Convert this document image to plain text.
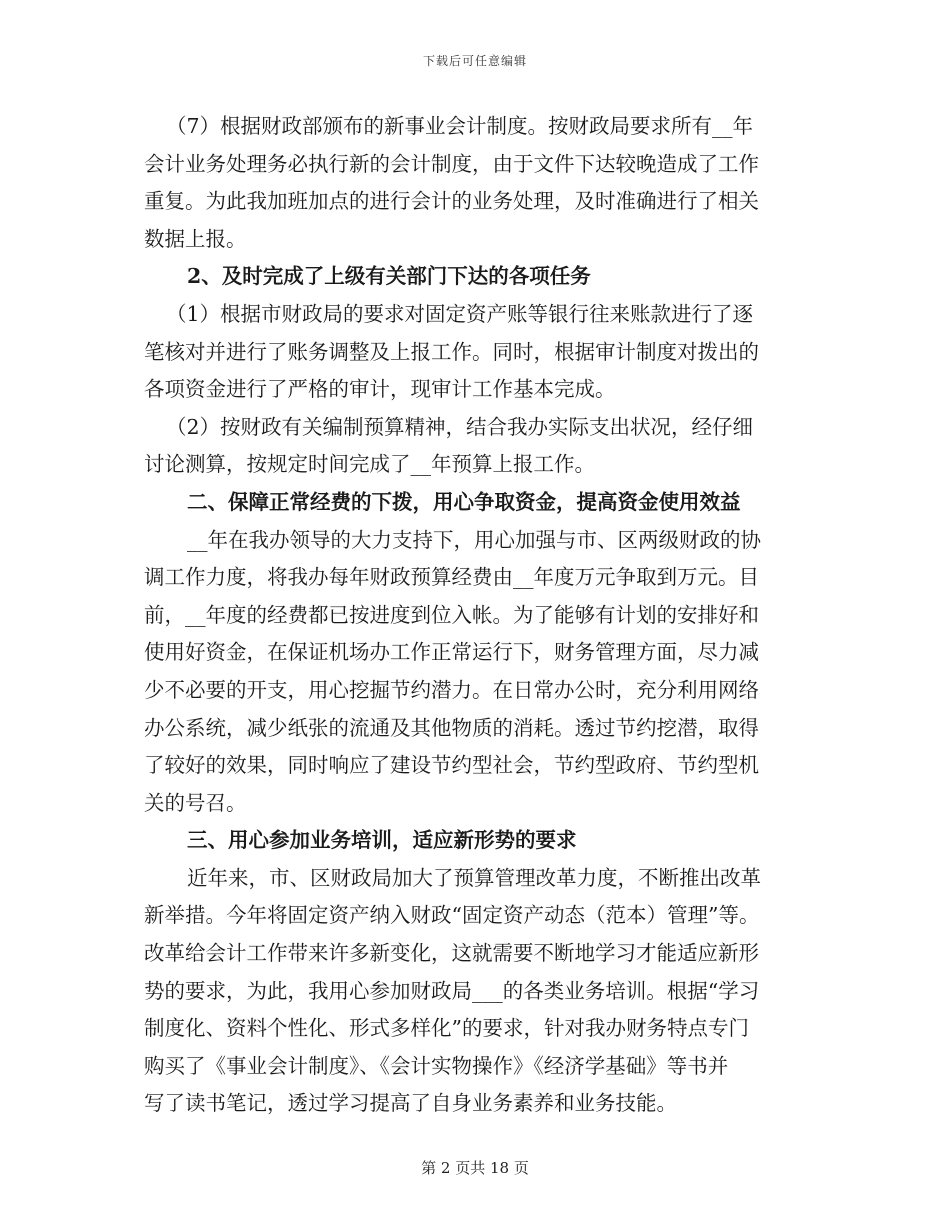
下载后可任意编辑
（7）根据财政部颁布的新事业会计制度。按财政局要求所有__年
会计业务处理务必执行新的会计制度，由于文件下达较晚造成了工作
重复。为此我加班加点的进行会计的业务处理，及时准确进行了相关
数据上报。
2、及时完成了上级有关部门下达的各项任务
（1）根据市财政局的要求对固定资产账等银行往来账款进行了逐
笔核对并进行了账务调整及上报工作。同时，根据审计制度对拨出的
各项资金进行了严格的审计，现审计工作基本完成。
（2）按财政有关编制预算精神，结合我办实际支出状况，经仔细
讨论测算，按规定时间完成了__年预算上报工作。
二、保障正常经费的下拨，用心争取资金，提高资金使用效益
__年在我办领导的大力支持下，用心加强与市、区两级财政的协
调工作力度，将我办每年财政预算经费由__年度万元争取到万元。目
前，__年度的经费都已按进度到位入帐。为了能够有计划的安排好和
使用好资金，在保证机场办工作正常运行下，财务管理方面，尽力减
少不必要的开支，用心挖掘节约潜力。在日常办公时，充分利用网络
办公系统，减少纸张的流通及其他物质的消耗。透过节约挖潜，取得
了较好的效果，同时响应了建设节约型社会，节约型政府、节约型机
关的号召。
三、用心参加业务培训，适应新形势的要求
近年来，市、区财政局加大了预算管理改革力度，不断推出改革
新举措。今年将固定资产纳入财政“固定资产动态（范本）管理”等。
改革给会计工作带来许多新变化，这就需要不断地学习才能适应新形
势的要求，为此，我用心参加财政局___的各类业务培训。根据“学习
制度化、资料个性化、形式多样化”的要求，针对我办财务特点专门
购买了《事业会计制度》、《会计实物操作》《经济学基础》等书并
写了读书笔记，透过学习提高了自身业务素养和业务技能。
第 2 页共 18 页
